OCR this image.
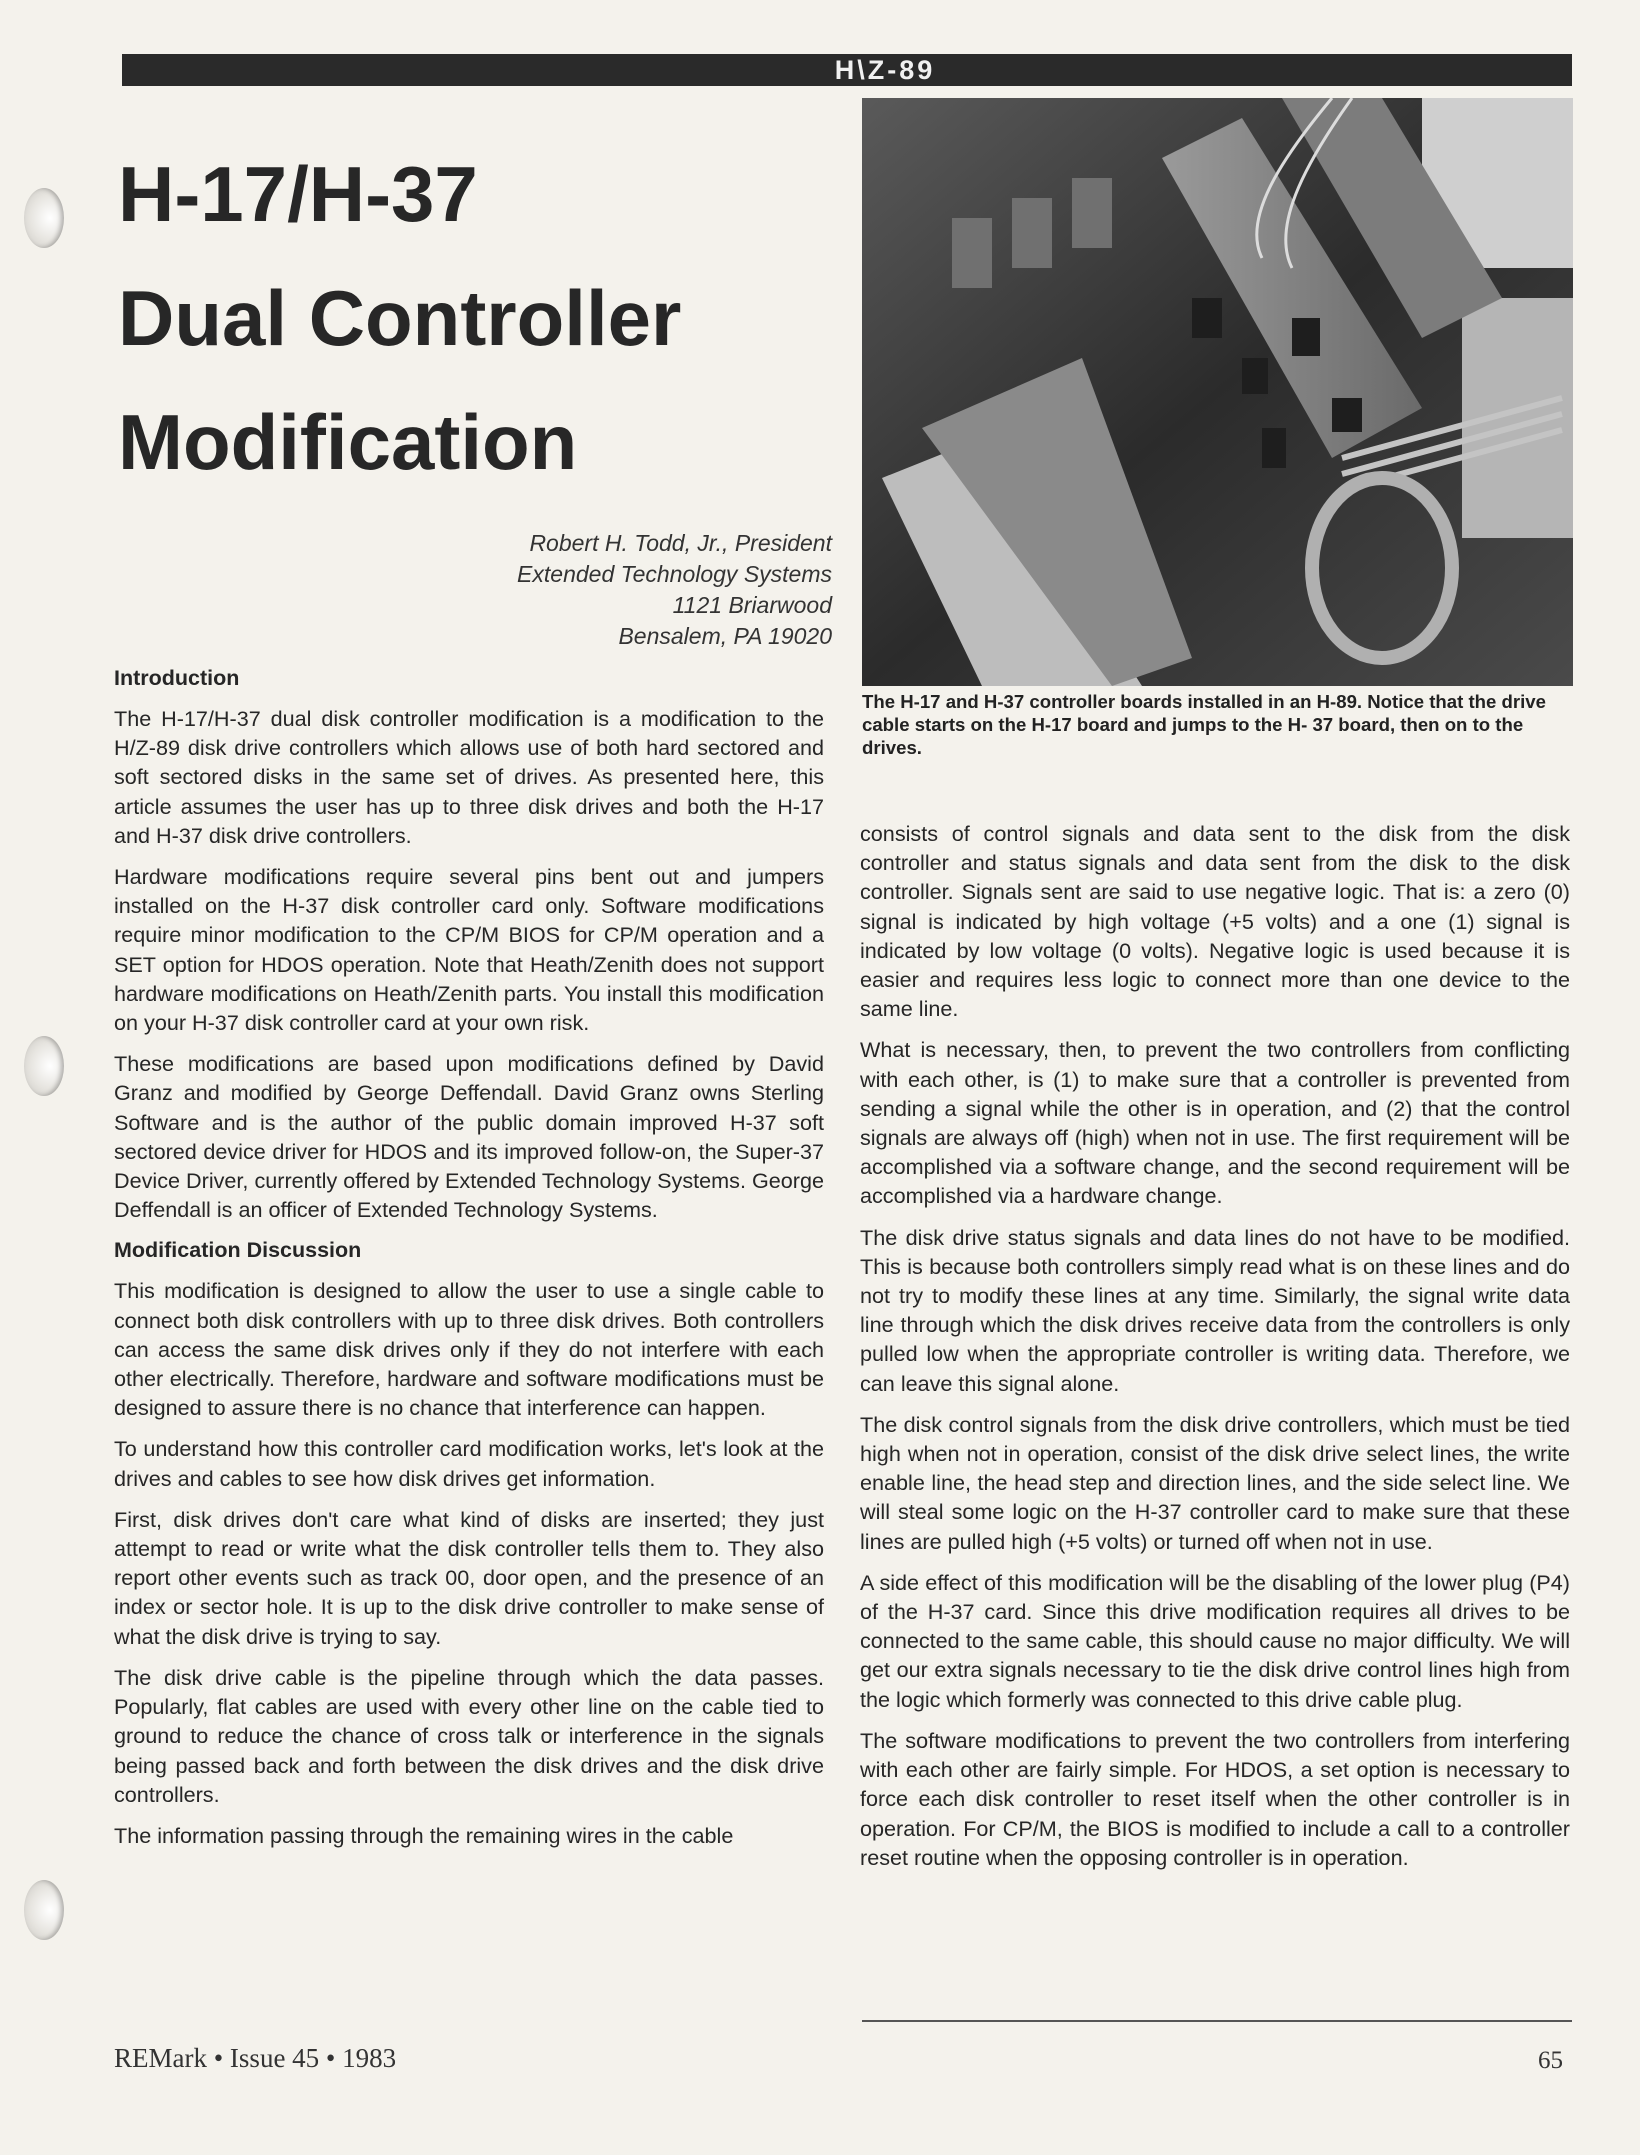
H\Z-89
H-17/H-37
Dual Controller
Modification
Robert H. Todd, Jr., President
Extended Technology Systems
1121 Briarwood
Bensalem, PA 19020
The H-17 and H-37 controller boards installed in an H-89. Notice that the drive cable starts on the H-17 board and jumps to the H- 37 board, then on to the drives.
Introduction

The H-17/H-37 dual disk controller modification is a modification to the H/Z-89 disk drive controllers which allows use of both hard sectored and soft sectored disks in the same set of drives. As presented here, this article assumes the user has up to three disk drives and both the H-17 and H-37 disk drive controllers.

Hardware modifications require several pins bent out and jumpers installed on the H-37 disk controller card only. Software modifications require minor modification to the CP/M BIOS for CP/M operation and a SET option for HDOS operation. Note that Heath/Zenith does not support hardware modifications on Heath/Zenith parts. You install this modification on your H-37 disk controller card at your own risk.

These modifications are based upon modifications defined by David Granz and modified by George Deffendall. David Granz owns Sterling Software and is the author of the public domain improved H-37 soft sectored device driver for HDOS and its improved follow-on, the Super-37 Device Driver, currently offered by Extended Technology Systems. George Deffendall is an officer of Extended Technology Systems.

Modification Discussion

This modification is designed to allow the user to use a single cable to connect both disk controllers with up to three disk drives. Both controllers can access the same disk drives only if they do not interfere with each other electrically. Therefore, hardware and software modifications must be designed to assure there is no chance that interference can happen.

To understand how this controller card modification works, let's look at the drives and cables to see how disk drives get information.

First, disk drives don't care what kind of disks are inserted; they just attempt to read or write what the disk controller tells them to. They also report other events such as track 00, door open, and the presence of an index or sector hole. It is up to the disk drive controller to make sense of what the disk drive is trying to say.

The disk drive cable is the pipeline through which the data passes. Popularly, flat cables are used with every other line on the cable tied to ground to reduce the chance of cross talk or interference in the signals being passed back and forth between the disk drives and the disk drive controllers.

The information passing through the remaining wires in the cable

consists of control signals and data sent to the disk from the disk controller and status signals and data sent from the disk to the disk controller. Signals sent are said to use negative logic. That is: a zero (0) signal is indicated by high voltage (+5 volts) and a one (1) signal is indicated by low voltage (0 volts). Negative logic is used because it is easier and requires less logic to connect more than one device to the same line.

What is necessary, then, to prevent the two controllers from conflicting with each other, is (1) to make sure that a controller is prevented from sending a signal while the other is in operation, and (2) that the control signals are always off (high) when not in use. The first requirement will be accomplished via a software change, and the second requirement will be accomplished via a hardware change.

The disk drive status signals and data lines do not have to be modified. This is because both controllers simply read what is on these lines and do not try to modify these lines at any time. Similarly, the signal write data line through which the disk drives receive data from the controllers is only pulled low when the appropriate controller is writing data. Therefore, we can leave this signal alone.

The disk control signals from the disk drive controllers, which must be tied high when not in operation, consist of the disk drive select lines, the write enable line, the head step and direction lines, and the side select line. We will steal some logic on the H-37 controller card to make sure that these lines are pulled high (+5 volts) or turned off when not in use.

A side effect of this modification will be the disabling of the lower plug (P4) of the H-37 card. Since this drive modification requires all drives to be connected to the same cable, this should cause no major difficulty. We will get our extra signals necessary to tie the disk drive control lines high from the logic which formerly was connected to this drive cable plug.

The software modifications to prevent the two controllers from interfering with each other are fairly simple. For HDOS, a set option is necessary to force each disk controller to reset itself when the other controller is in operation. For CP/M, the BIOS is modified to include a call to a controller reset routine when the opposing controller is in operation.

REMark • Issue 45 • 1983	65
